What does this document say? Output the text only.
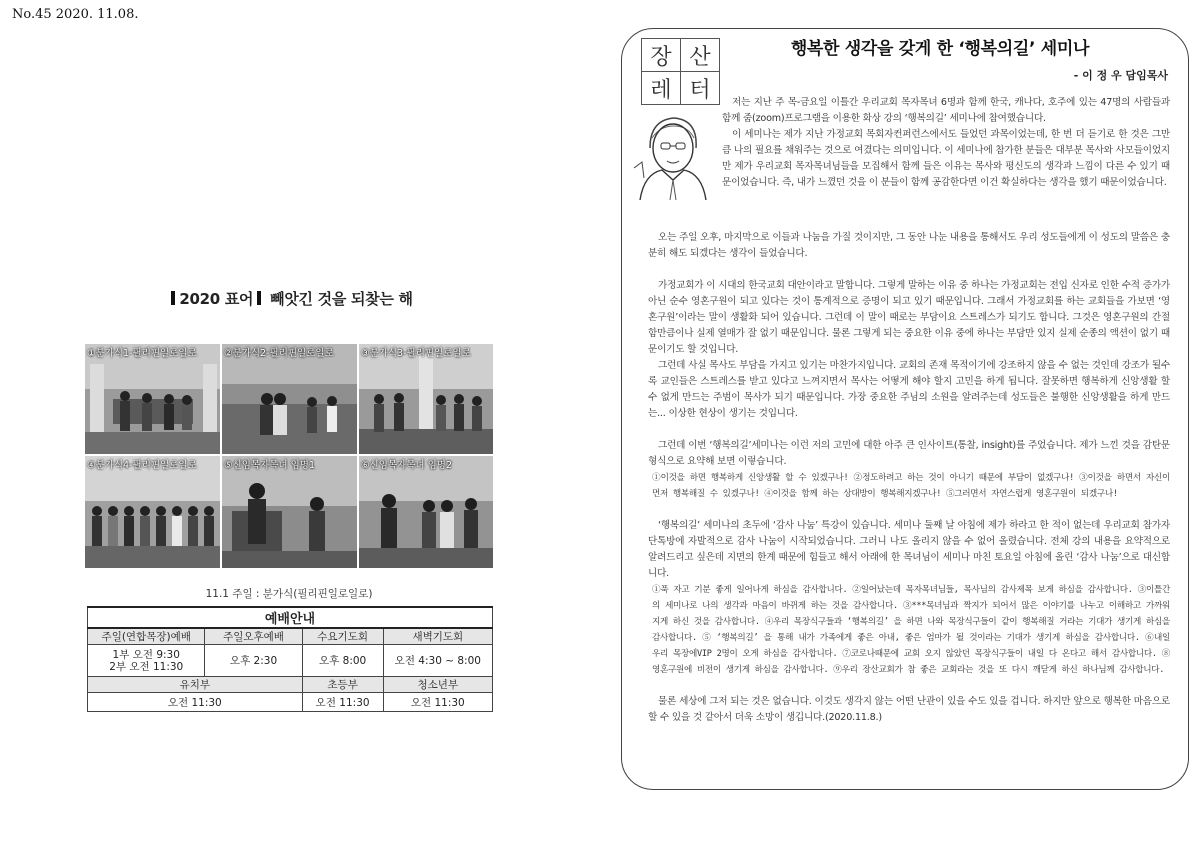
No.45 2020. 11.08.
2020 표어 빼앗긴 것을 되찾는 해
①분가식1-필리핀일로일로	②분가식2-필리핀일로일로	③분가식3-필리핀일로일로
④분가식4-필리핀일로일로	⑤신임목자목녀 임명1	⑥신임목자목녀 임명2
11.1 주일 : 분가식(필리핀일로일로)
예배안내			
주일(연합목장)예배	주일오후예배	수요기도회	새벽기도회

1부 오전 9:30
2부 오전 11:30	오후 2:30	오후 8:00	오전 4:30 ~ 8:00
유치부		초등부	청소년부
오전 11:30		오전 11:30	오전 11:30
장 산
레 터
행복한 생각을 갖게 한 ‘행복의길’ 세미나
- 이 정 우 담임목사

저는 지난 주 목-금요일 이틀간 우리교회 목자목녀 6명과 함께 한국, 캐나다, 호주에 있는 47명의 사람들과 함께 줌(zoom)프로그램을 이용한 화상 강의 ‘행복의길’ 세미나에 참여했습니다.

이 세미나는 제가 지난 가정교회 목회자컨퍼런스에서도 들었던 과목이었는데, 한 번 더 듣기로 한 것은 그만큼 나의 필요를 채워주는 것으로 여겼다는 의미입니다. 이 세미나에 참가한 분들은 대부분 목사와 사모들이었지만 제가 우리교회 목자목녀님들을 모집해서 함께 들은 이유는 목사와 평신도의 생각과 느낌이 다른 수 있기 때문이었습니다. 즉, 내가 느꼈던 것을 이 분들이 함께 공감한다면 이건 확실하다는 생각을 했기 때문이었습니다.

오는 주일 오후, 마지막으로 이들과 나눔을 가질 것이지만, 그 동안 나눈 내용을 통해서도 우리 성도들에게 이 성도의 말씀은 충분히 해도 되겠다는 생각이 들었습니다.

가정교회가 이 시대의 한국교회 대안이라고 말합니다. 그렇게 말하는 이유 중 하나는 가정교회는 전입 신자로 인한 수적 증가가 아닌 순수 영혼구원이 되고 있다는 것이 통계적으로 증명이 되고 있기 때문입니다. 그래서 가정교회를 하는 교회들을 가보면 ‘영혼구원’이라는 말이 생활화 되어 있습니다. 그런데 이 말이 때로는 부담이요 스트레스가 되기도 합니다. 그것은 영혼구원의 간절함만큼이나 실제 열매가 잘 없기 때문입니다. 물론 그렇게 되는 중요한 이유 중에 하나는 부담만 있지 실제 순종의 액션이 없기 때문이기도 할 것입니다.

그런데 사실 목사도 부담을 가지고 있기는 마찬가지입니다. 교회의 존재 목적이기에 강조하지 않을 수 없는 것인데 강조가 될수록 교인들은 스트레스를 받고 있다고 느껴지면서 목사는 어떻게 해야 할지 고민을 하게 됩니다. 잘못하면 행복하게 신앙생활 할 수 없게 만드는 주범이 목사가 되기 때문입니다. 가장 중요한 주님의 소원을 알려주는데 성도들은 불행한 신앙생활을 하게 만드는... 이상한 현상이 생기는 것입니다.

그런데 이번 ‘행복의길’세미나는 이런 저의 고민에 대한 아주 큰 인사이트(통찰, insight)를 주었습니다. 제가 느낀 것을 감탄문 형식으로 요약해 보면 이렇습니다.

①이것을 하면 행복하게 신앙생활 할 수 있겠구나! ②정도하려고 하는 것이 아니기 때문에 부담이 없겠구나! ③이것을 하면서 자신이 먼저 행복해질 수 있겠구나! ④이것을 함께 하는 상대방이 행복해지겠구나! ⑤그러면서 자연스럽게 영혼구원이 되겠구나!

‘행복의길’ 세미나의 초두에 ‘감사 나눔’ 특강이 있습니다. 세미나 둘째 날 아침에 제가 하라고 한 적이 없는데 우리교회 참가자 단톡방에 자발적으로 감사 나눔이 시작되었습니다. 그러니 나도 올리지 않을 수 없어 올렸습니다. 전체 강의 내용을 요약적으로 알려드리고 싶은데 지면의 한계 때문에 힘들고 해서 아래에 한 목녀님이 세미나 마친 토요일 아침에 올린 ‘감사 나눔’으로 대신합니다.

①푹 자고 기분 좋게 일어나게 하심을 감사합니다. ②일어났는데 목자목녀님들, 목사님의 감사제목 보게 하심을 감사합니다. ③이틀간의 세미나로 나의 생각과 마음이 바뀌게 하는 것을 감사합니다. ③***목녀님과 짝지가 되어서 많은 이야기를 나누고 이해하고 가까워지게 하신 것을 감사합니다. ④우리 목장식구들과 ‘행복의길’ 을 하면 나와 목장식구들이 같이 행복해질 거라는 기대가 생기게 하심을 감사합니다. ⑤ ‘행복의길’ 을 통해 내가 가족에게 좋은 아내, 좋은 엄마가 될 것이라는 기대가 생기게 하심을 감사합니다. ⑥내일 우리 목장에VIP 2명이 오게 하심을 감사합니다. ⑦코로나때문에 교회 오지 않았던 목장식구들이 내일 다 온다고 해서 감사합니다. ⑧영혼구원에 비전이 생기게 하심을 감사합니다. ⑨우리 장산교회가 참 좋은 교회라는 것을 또 다시 깨닫게 하신 하나님께 감사합니다.

물론 세상에 그저 되는 것은 없습니다. 이것도 생각지 않는 어떤 난관이 있을 수도 있을 겁니다. 하지만 앞으로 행복한 마음으로 할 수 있을 것 같아서 더욱 소망이 생깁니다.(2020.11.8.)
